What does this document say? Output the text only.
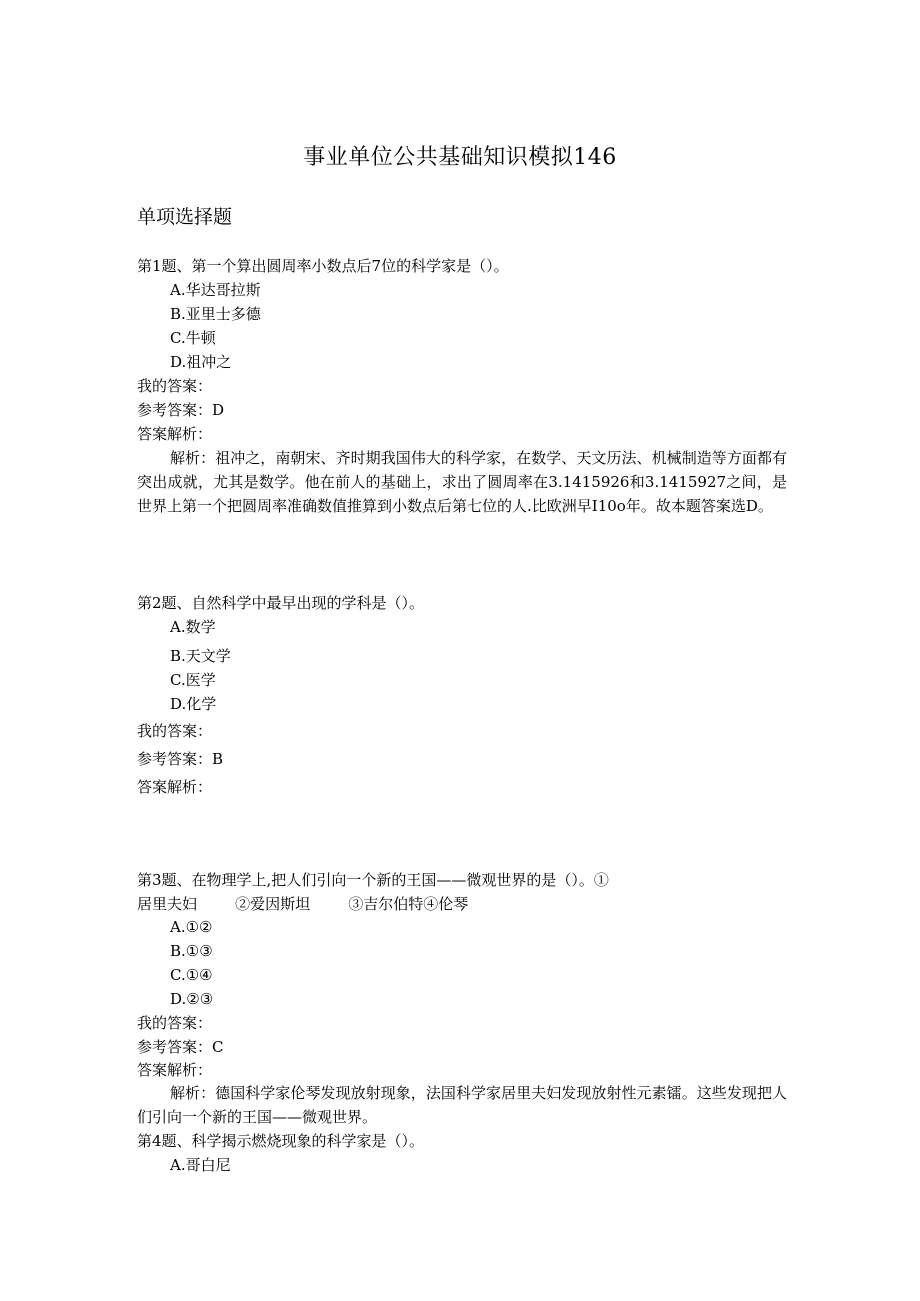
事业单位公共基础知识模拟146
单项选择题
第1题、第一个算出圆周率小数点后7位的科学家是（）。
A.华达哥拉斯
B.亚里士多德
C.牛顿
D.祖冲之
我的答案：
参考答案：D
答案解析：
解析：祖冲之，南朝宋、齐时期我国伟大的科学家，在数学、天文历法、机械制造等方面都有突出成就，尤其是数学。他在前人的基础上，求出了圆周率在3.1415926和3.1415927之间，是世界上第一个把圆周率准确数值推算到小数点后第七位的人.比欧洲早I10o年。故本题答案选D。
第2题、自然科学中最早出现的学科是（）。
A.数学
B.天文学
C.医学
D.化学
我的答案：
参考答案：B
答案解析：
第3题、在物理学上,把人们引向一个新的王国——微观世界的是（）。①
居里夫妇        ②爱因斯坦        ③吉尔伯特④伦琴
A.①②
B.①③
C.①④
D.②③
我的答案：
参考答案：C
答案解析：
解析：德国科学家伦琴发现放射现象，法国科学家居里夫妇发现放射性元素镭。这些发现把人们引向一个新的王国——微观世界。
第4题、科学揭示燃烧现象的科学家是（）。
A.哥白尼
